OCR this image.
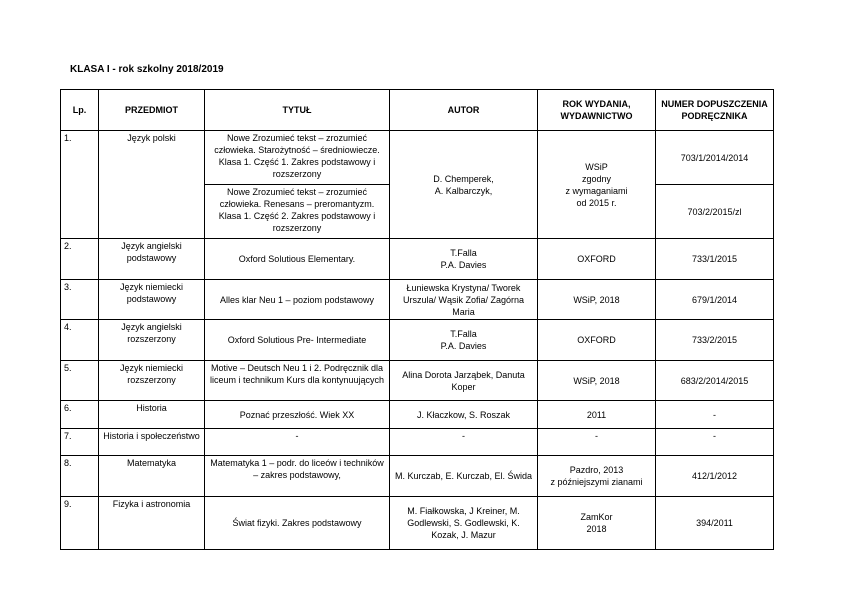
KLASA I - rok szkolny 2018/2019
Lp.	PRZEDMIOT	TYTUŁ	AUTOR	ROK WYDANIA, WYDAWNICTWO	NUMER DOPUSZCZENIA PODRĘCZNIKA
1.	Język polski	Nowe Zrozumieć tekst – zrozumieć człowieka. Starożytność – średniowiecze. Klasa 1. Część 1. Zakres podstawowy i rozszerzony	D. Chemperek,
A. Kalbarczyk,	WSiP
zgodny
z wymaganiami
od 2015 r.	703/1/2014/2014
		Nowe Zrozumieć tekst – zrozumieć człowieka. Renesans – preromantyzm. Klasa 1. Część 2. Zakres podstawowy i rozszerzony			703/2/2015/zl
2.	Język angielski podstawowy	Oxford Solutious Elementary.	T.Falla
P.A. Davies	OXFORD	733/1/2015
3.	Język niemiecki podstawowy	Alles klar Neu 1 – poziom podstawowy	Łuniewska Krystyna/ Tworek Urszula/ Wąsik Zofia/ Zagórna Maria	WSiP, 2018	679/1/2014
4.	Język angielski rozszerzony	Oxford Solutious Pre- Intermediate	T.Falla
P.A. Davies	OXFORD	733/2/2015
5.	Język niemiecki rozszerzony	Motive – Deutsch Neu 1 i 2. Podręcznik dla liceum i technikum Kurs dla kontynuujących	Alina Dorota Jarząbek, Danuta Koper	WSiP, 2018	683/2/2014/2015
6.	Historia	Poznać przeszłość. Wiek XX	J. Kłaczkow, S. Roszak	2011	-
7.	Historia i społeczeństwo	-	-	-	-
8.	Matematyka	Matematyka 1 – podr. do liceów i techników – zakres podstawowy,	M. Kurczab, E. Kurczab, El. Świda	Pazdro, 2013
z późniejszymi zianami	412/1/2012
9.	Fizyka i astronomia	Świat fizyki. Zakres podstawowy	M. Fiałkowska, J Kreiner, M. Godlewski, S. Godlewski, K. Kozak, J. Mazur	ZamKor
2018	394/2011
